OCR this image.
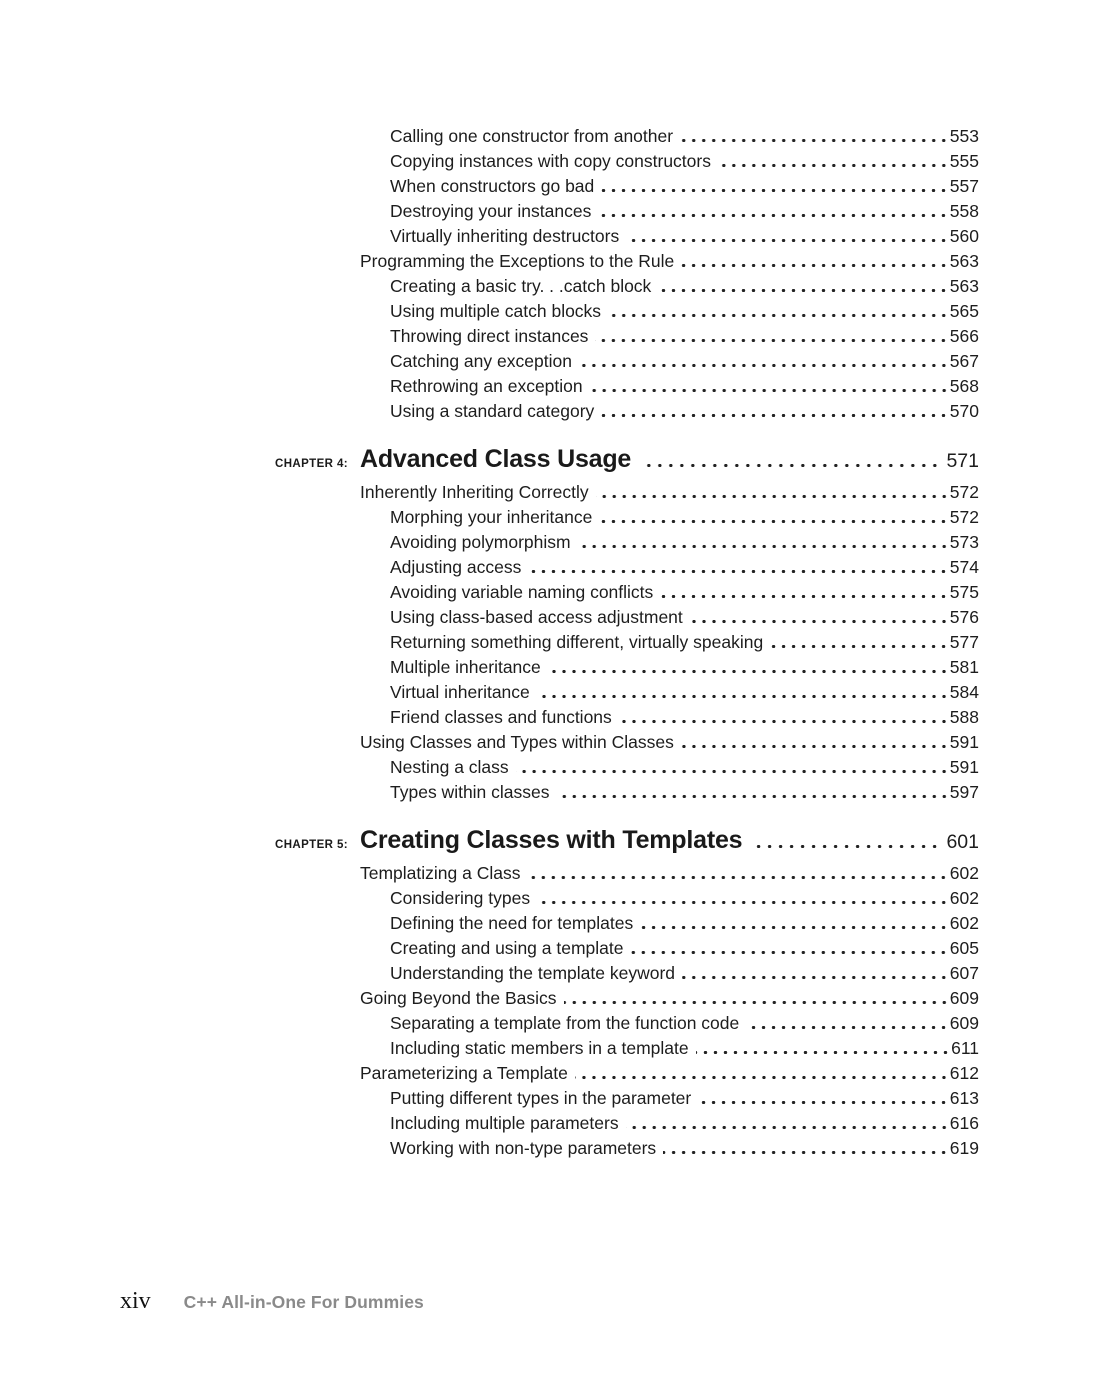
Calling one constructor from another	553
Copying instances with copy constructors	555
When constructors go bad	557
Destroying your instances	558
Virtually inheriting destructors	560
Programming the Exceptions to the Rule	563
Creating a basic try. . .catch block	563
Using multiple catch blocks	565
Throwing direct instances	566
Catching any exception	567
Rethrowing an exception	568
Using a standard category	570
CHAPTER 4: Advanced Class Usage	571
Inherently Inheriting Correctly	572
Morphing your inheritance	572
Avoiding polymorphism	573
Adjusting access	574
Avoiding variable naming conflicts	575
Using class-based access adjustment	576
Returning something different, virtually speaking	577
Multiple inheritance	581
Virtual inheritance	584
Friend classes and functions	588
Using Classes and Types within Classes	591
Nesting a class	591
Types within classes	597
CHAPTER 5: Creating Classes with Templates	601
Templatizing a Class	602
Considering types	602
Defining the need for templates	602
Creating and using a template	605
Understanding the template keyword	607
Going Beyond the Basics	609
Separating a template from the function code	609
Including static members in a template	611
Parameterizing a Template	612
Putting different types in the parameter	613
Including multiple parameters	616
Working with non-type parameters	619
xiv C++ All-in-One For Dummies
